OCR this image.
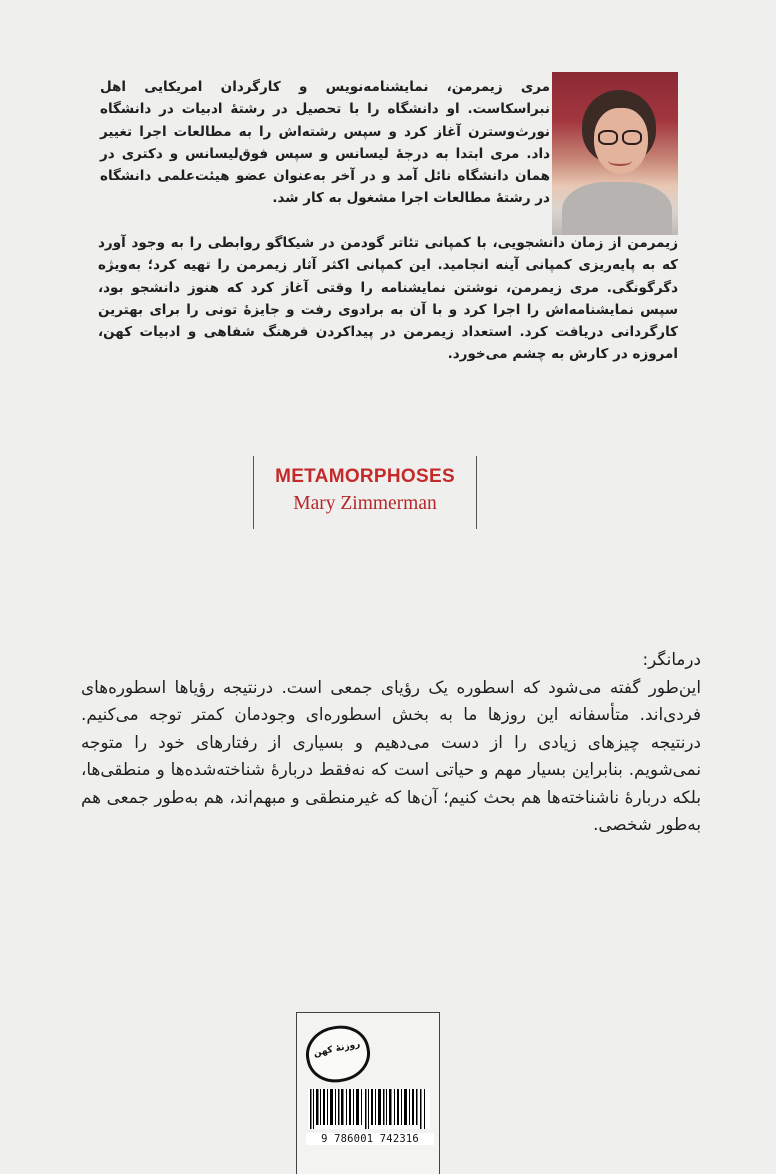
مری زیمرمن، نمایشنامه‌نویس و کارگردان امریکایی اهل نبراسکاست. او دانشگاه را با تحصیل در رشتهٔ ادبیات در دانشگاه نورث‌وسترن آغاز کرد و سپس رشته‌اش را به مطالعات اجرا تغییر داد. مری ابتدا به درجهٔ لیسانس و سپس فوق‌لیسانس و دکتری در همان دانشگاه نائل آمد و در آخر به‌عنوان عضو هیئت‌علمی دانشگاه در رشتهٔ مطالعات اجرا مشغول به کار شد.

زیمرمن از زمان دانشجویی، با کمپانی تئاتر گودمن در شیکاگو روابطی را به وجود آورد که به پایه‌ریزی کمپانی آینه انجامید. این کمپانی اکثر آثار زیمرمن را تهیه کرد؛ به‌ویژه دگرگونگی. مری زیمرمن، نوشتن نمایشنامه را وقتی آغاز کرد که هنوز دانشجو بود، سپس نمایشنامه‌اش را اجرا کرد و با آن به برادوی رفت و جایزهٔ تونی را برای بهترین کارگردانی دریافت کرد. استعداد زیمرمن در پیداکردن فرهنگ شفاهی و ادبیات کهن، امروزه در کارش به چشم می‌خورد.

METAMORPHOSES
Mary Zimmerman
درمانگر:
این‌طور گفته می‌شود که اسطوره یک رؤیای جمعی است. درنتیجه رؤیاها اسطوره‌های فردی‌اند. متأسفانه این روزها ما به بخش اسطوره‌ای وجودمان کمتر توجه می‌کنیم. درنتیجه چیزهای زیادی را از دست می‌دهیم و بسیاری از رفتارهای خود را متوجه نمی‌شویم. بنابراین بسیار مهم و حیاتی است که نه‌فقط دربارهٔ شناخته‌شده‌ها و منطقی‌ها، بلکه دربارهٔ ناشناخته‌ها هم بحث کنیم؛ آن‌ها که غیرمنطقی و مبهم‌اند، هم به‌طور جمعی هم به‌طور شخصی.
روزنهٔ کهن
9 786001 742316
